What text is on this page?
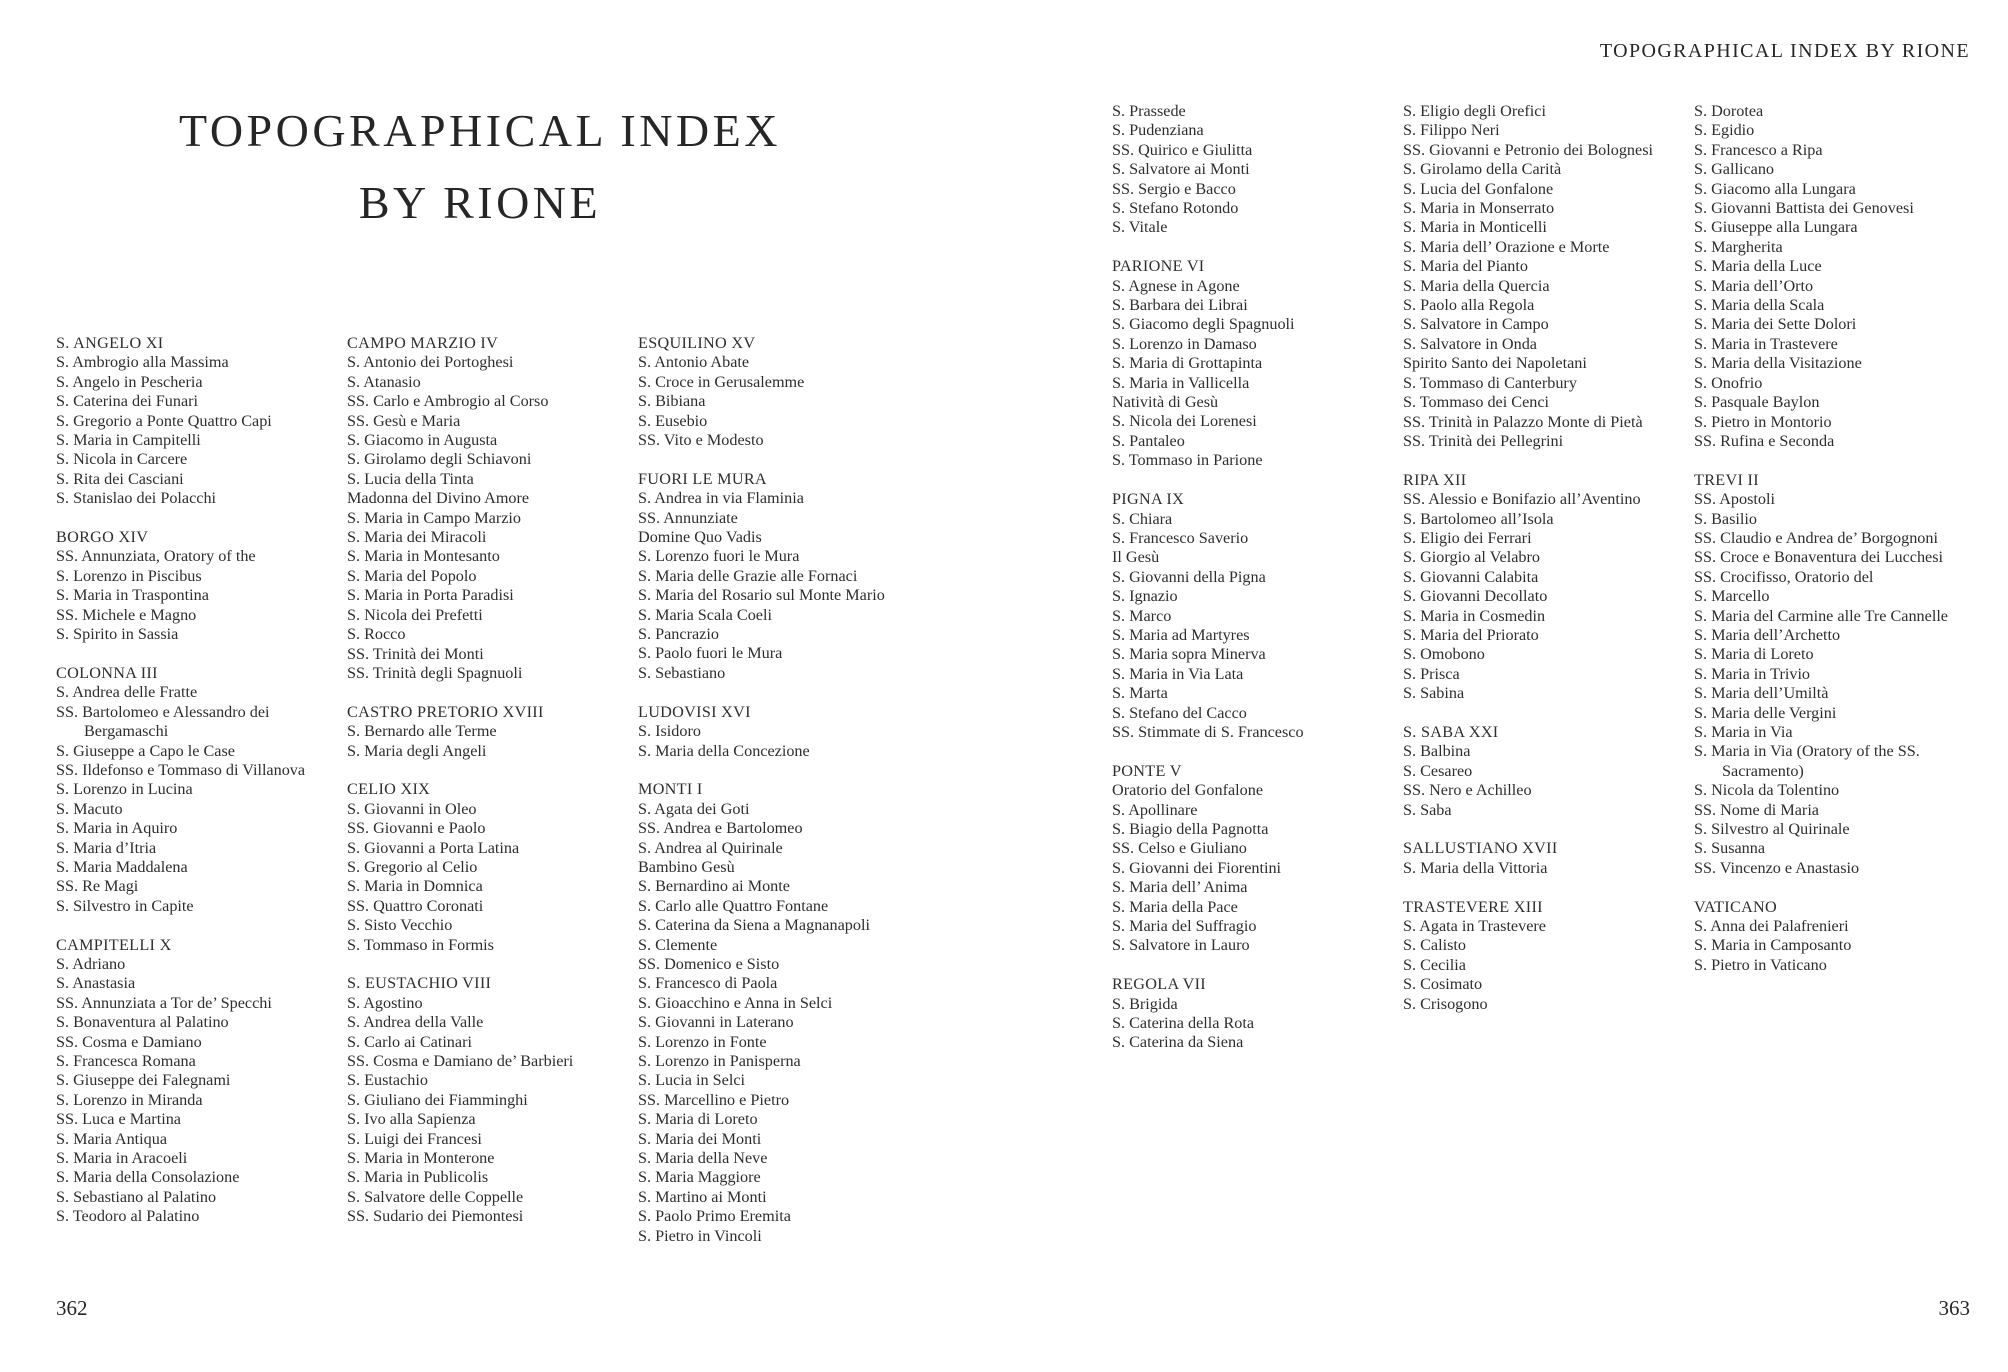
TOPOGRAPHICAL INDEX
BY RIONE
S. ANGELO XI
S. Ambrogio alla Massima
S. Angelo in Pescheria
S. Caterina dei Funari
S. Gregorio a Ponte Quattro Capi
S. Maria in Campitelli
S. Nicola in Carcere
S. Rita dei Casciani
S. Stanislao dei Polacchi
BORGO XIV
SS. Annunziata, Oratory of the
S. Lorenzo in Piscibus
S. Maria in Traspontina
SS. Michele e Magno
S. Spirito in Sassia
COLONNA III
S. Andrea delle Fratte
SS. Bartolomeo e Alessandro dei Bergamaschi
S. Giuseppe a Capo le Case
SS. Ildefonso e Tommaso di Villanova
S. Lorenzo in Lucina
S. Macuto
S. Maria in Aquiro
S. Maria d’Itria
S. Maria Maddalena
SS. Re Magi
S. Silvestro in Capite
CAMPITELLI X
S. Adriano
S. Anastasia
SS. Annunziata a Tor de’ Specchi
S. Bonaventura al Palatino
SS. Cosma e Damiano
S. Francesca Romana
S. Giuseppe dei Falegnami
S. Lorenzo in Miranda
SS. Luca e Martina
S. Maria Antiqua
S. Maria in Aracoeli
S. Maria della Consolazione
S. Sebastiano al Palatino
S. Teodoro al Palatino
CAMPO MARZIO IV
S. Antonio dei Portoghesi
S. Atanasio
SS. Carlo e Ambrogio al Corso
SS. Gesù e Maria
S. Giacomo in Augusta
S. Girolamo degli Schiavoni
S. Lucia della Tinta
Madonna del Divino Amore
S. Maria in Campo Marzio
S. Maria dei Miracoli
S. Maria in Montesanto
S. Maria del Popolo
S. Maria in Porta Paradisi
S. Nicola dei Prefetti
S. Rocco
SS. Trinità dei Monti
SS. Trinità degli Spagnuoli
CASTRO PRETORIO XVIII
S. Bernardo alle Terme
S. Maria degli Angeli
CELIO XIX
S. Giovanni in Oleo
SS. Giovanni e Paolo
S. Giovanni a Porta Latina
S. Gregorio al Celio
S. Maria in Domnica
SS. Quattro Coronati
S. Sisto Vecchio
S. Tommaso in Formis
S. EUSTACHIO VIII
S. Agostino
S. Andrea della Valle
S. Carlo ai Catinari
SS. Cosma e Damiano de’ Barbieri
S. Eustachio
S. Giuliano dei Fiamminghi
S. Ivo alla Sapienza
S. Luigi dei Francesi
S. Maria in Monterone
S. Maria in Publicolis
S. Salvatore delle Coppelle
SS. Sudario dei Piemontesi
ESQUILINO XV
S. Antonio Abate
S. Croce in Gerusalemme
S. Bibiana
S. Eusebio
SS. Vito e Modesto
FUORI LE MURA
S. Andrea in via Flaminia
SS. Annunziate
Domine Quo Vadis
S. Lorenzo fuori le Mura
S. Maria delle Grazie alle Fornaci
S. Maria del Rosario sul Monte Mario
S. Maria Scala Coeli
S. Pancrazio
S. Paolo fuori le Mura
S. Sebastiano
LUDOVISI XVI
S. Isidoro
S. Maria della Concezione
MONTI I
S. Agata dei Goti
SS. Andrea e Bartolomeo
S. Andrea al Quirinale
Bambino Gesù
S. Bernardino ai Monte
S. Carlo alle Quattro Fontane
S. Caterina da Siena a Magnanapoli
S. Clemente
SS. Domenico e Sisto
S. Francesco di Paola
S. Gioacchino e Anna in Selci
S. Giovanni in Laterano
S. Lorenzo in Fonte
S. Lorenzo in Panisperna
S. Lucia in Selci
SS. Marcellino e Pietro
S. Maria di Loreto
S. Maria dei Monti
S. Maria della Neve
S. Maria Maggiore
S. Martino ai Monti
S. Paolo Primo Eremita
S. Pietro in Vincoli
362
TOPOGRAPHICAL INDEX BY RIONE
S. Prassede
S. Pudenziana
SS. Quirico e Giulitta
S. Salvatore ai Monti
SS. Sergio e Bacco
S. Stefano Rotondo
S. Vitale
PARIONE VI
S. Agnese in Agone
S. Barbara dei Librai
S. Giacomo degli Spagnuoli
S. Lorenzo in Damaso
S. Maria di Grottapinta
S. Maria in Vallicella
Natività di Gesù
S. Nicola dei Lorenesi
S. Pantaleo
S. Tommaso in Parione
PIGNA IX
S. Chiara
S. Francesco Saverio
Il Gesù
S. Giovanni della Pigna
S. Ignazio
S. Marco
S. Maria ad Martyres
S. Maria sopra Minerva
S. Maria in Via Lata
S. Marta
S. Stefano del Cacco
SS. Stimmate di S. Francesco
PONTE V
Oratorio del Gonfalone
S. Apollinare
S. Biagio della Pagnotta
SS. Celso e Giuliano
S. Giovanni dei Fiorentini
S. Maria dell’ Anima
S. Maria della Pace
S. Maria del Suffragio
S. Salvatore in Lauro
REGOLA VII
S. Brigida
S. Caterina della Rota
S. Caterina da Siena
S. Eligio degli Orefici
S. Filippo Neri
SS. Giovanni e Petronio dei Bolognesi
S. Girolamo della Carità
S. Lucia del Gonfalone
S. Maria in Monserrato
S. Maria in Monticelli
S. Maria dell’ Orazione e Morte
S. Maria del Pianto
S. Maria della Quercia
S. Paolo alla Regola
S. Salvatore in Campo
S. Salvatore in Onda
Spirito Santo dei Napoletani
S. Tommaso di Canterbury
S. Tommaso dei Cenci
SS. Trinità in Palazzo Monte di Pietà
SS. Trinità dei Pellegrini
RIPA XII
SS. Alessio e Bonifazio all’Aventino
S. Bartolomeo all’Isola
S. Eligio dei Ferrari
S. Giorgio al Velabro
S. Giovanni Calabita
S. Giovanni Decollato
S. Maria in Cosmedin
S. Maria del Priorato
S. Omobono
S. Prisca
S. Sabina
S. SABA XXI
S. Balbina
S. Cesareo
SS. Nero e Achilleo
S. Saba
SALLUSTIANO XVII
S. Maria della Vittoria
TRASTEVERE XIII
S. Agata in Trastevere
S. Calisto
S. Cecilia
S. Cosimato
S. Crisogono
S. Dorotea
S. Egidio
S. Francesco a Ripa
S. Gallicano
S. Giacomo alla Lungara
S. Giovanni Battista dei Genovesi
S. Giuseppe alla Lungara
S. Margherita
S. Maria della Luce
S. Maria dell’Orto
S. Maria della Scala
S. Maria dei Sette Dolori
S. Maria in Trastevere
S. Maria della Visitazione
S. Onofrio
S. Pasquale Baylon
S. Pietro in Montorio
SS. Rufina e Seconda
TREVI II
SS. Apostoli
S. Basilio
SS. Claudio e Andrea de’ Borgognoni
SS. Croce e Bonaventura dei Lucchesi
SS. Crocifisso, Oratorio del
S. Marcello
S. Maria del Carmine alle Tre Cannelle
S. Maria dell’Archetto
S. Maria di Loreto
S. Maria in Trivio
S. Maria dell’Umiltà
S. Maria delle Vergini
S. Maria in Via
S. Maria in Via (Oratory of the SS. Sacramento)
S. Nicola da Tolentino
SS. Nome di Maria
S. Silvestro al Quirinale
S. Susanna
SS. Vincenzo e Anastasio
VATICANO
S. Anna dei Palafrenieri
S. Maria in Camposanto
S. Pietro in Vaticano
363
